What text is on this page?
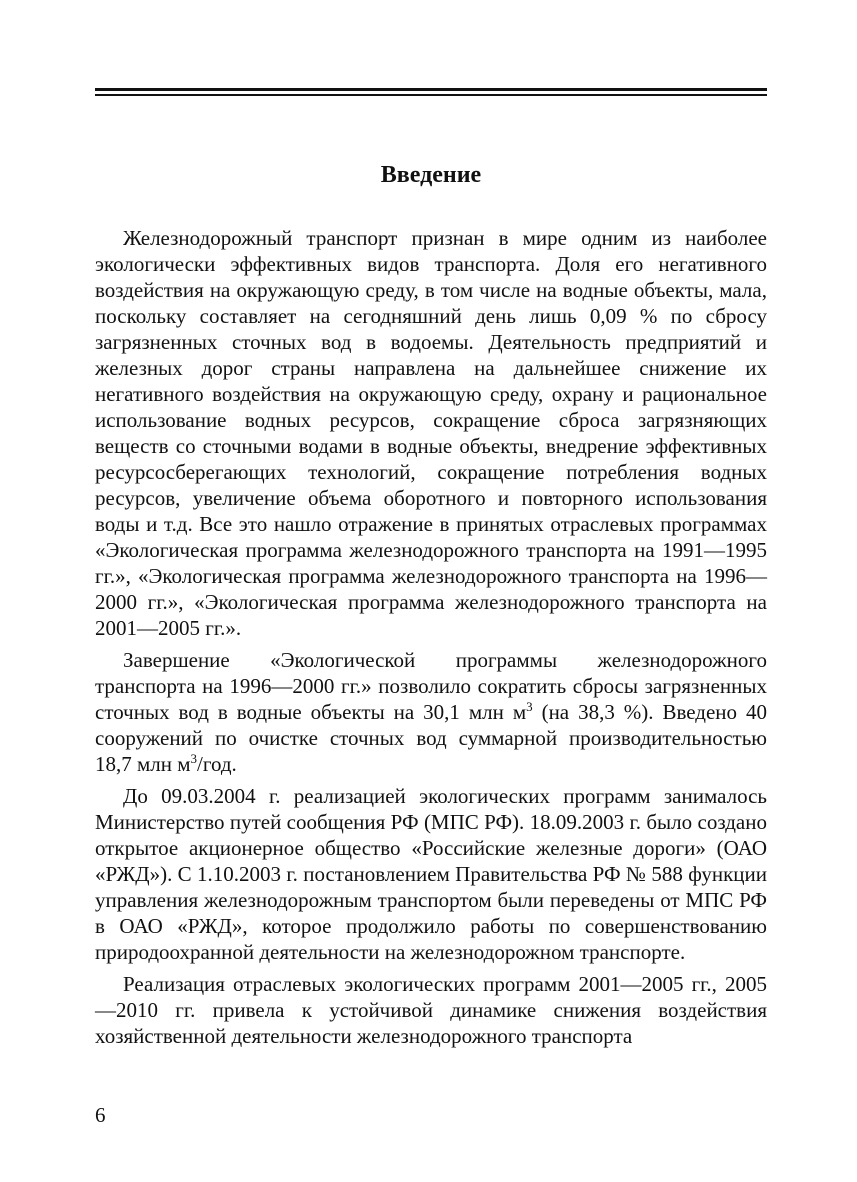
Введение

Железнодорожный транспорт признан в мире одним из наиболее экологически эффективных видов транспорта. Доля его негативного воздействия на окружающую среду, в том числе на водные объекты, мала, поскольку составляет на сегодняшний день лишь 0,09 % по сбросу загрязненных сточных вод в водоемы. Деятельность предприятий и железных дорог страны направлена на дальнейшее снижение их негативного воздействия на окружающую среду, охрану и рациональное использование водных ресурсов, сокращение сброса загрязняющих веществ со сточными водами в водные объекты, внедрение эффективных ресурсосберегающих технологий, сокращение потребления водных ресурсов, увеличение объема оборотного и повторного использования воды и т.д. Все это нашло отражение в принятых отраслевых программах «Экологическая программа железнодорожного транспорта на 1991—1995 гг.», «Экологическая программа железнодорожного транспорта на 1996—2000 гг.», «Экологическая программа железнодорожного транспорта на 2001—2005 гг.».

Завершение «Экологической программы железнодорожного транспорта на 1996—2000 гг.» позволило сократить сбросы загрязненных сточных вод в водные объекты на 30,1 млн $м^3$ (на 38,3 %). Введено 40 сооружений по очистке сточных вод суммарной производительностью 18,7 млн $м^3$/год.

До 09.03.2004 г. реализацией экологических программ занималось Министерство путей сообщения РФ (МПС РФ). 18.09.2003 г. было создано открытое акционерное общество «Российские железные дороги» (ОАО «РЖД»). С 1.10.2003 г. постановлением Правительства РФ № 588 функции управления железнодорожным транспортом были переведены от МПС РФ в ОАО «РЖД», которое продолжило работы по совершенствованию природоохранной деятельности на железнодорожном транспорте.

Реализация отраслевых экологических программ 2001—2005 гг., 2005—2010 гг. привела к устойчивой динамике снижения воздействия хозяйственной деятельности железнодорожного транспорта

6
